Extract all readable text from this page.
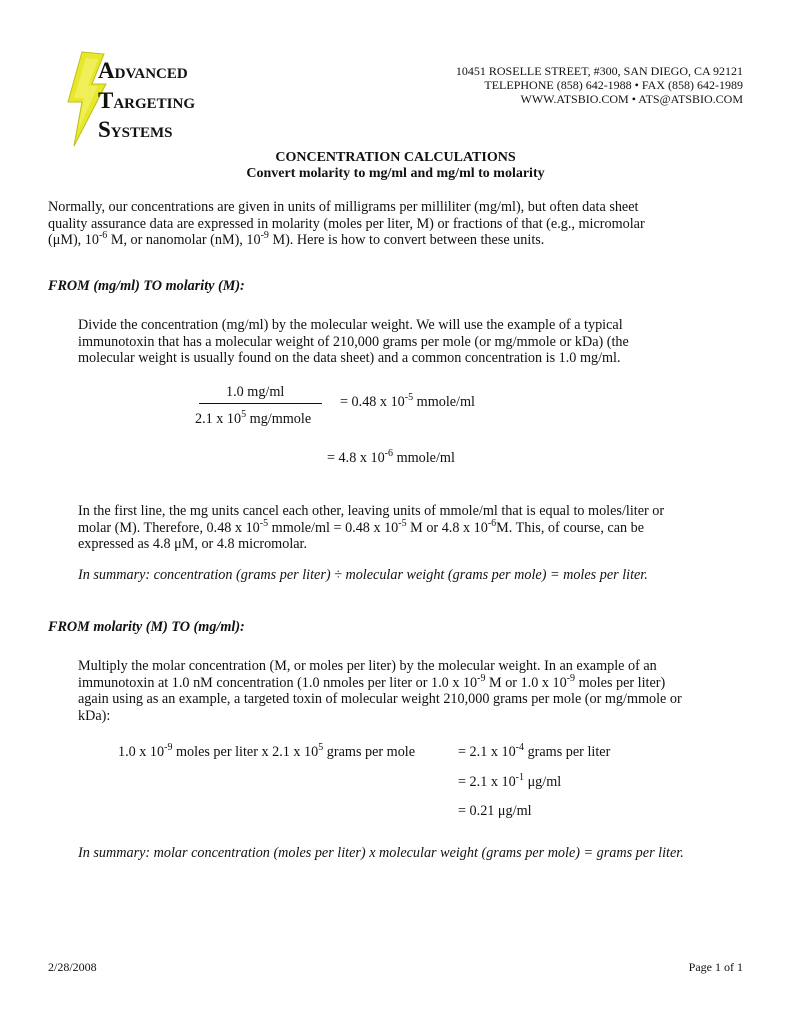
ADVANCED
TARGETING
SYSTEMS
10451 ROSELLE STREET, #300, SAN DIEGO, CA 92121
TELEPHONE (858) 642-1988 • FAX (858) 642-1989
WWW.ATSBIO.COM • ATS@ATSBIO.COM
CONCENTRATION CALCULATIONS
Convert molarity to mg/ml and mg/ml to molarity
Normally, our concentrations are given in units of milligrams per milliliter (mg/ml), but often data sheet
quality assurance data are expressed in molarity (moles per liter, M) or fractions of that (e.g., micromolar
(μM), $10^{-6}$ M, or nanomolar (nM), $10^{-9}$ M). Here is how to convert between these units.
FROM (mg/ml) TO molarity (M):
Divide the concentration (mg/ml) by the molecular weight. We will use the example of a typical
immunotoxin that has a molecular weight of 210,000 grams per mole (or mg/mmole or kDa) (the
molecular weight is usually found on the data sheet) and a common concentration is 1.0 mg/ml.
1.0 mg/ml
2.1 x $10^5$ mg/mmole
= 0.48 x $10^{-5}$ mmole/ml
= 4.8 x $10^{-6}$ mmole/ml
In the first line, the mg units cancel each other, leaving units of mmole/ml that is equal to moles/liter or
molar (M). Therefore, 0.48 x $10^{-5}$ mmole/ml = 0.48 x $10^{-5}$ M or 4.8 x $10^{-6}M$. This, of course, can be
expressed as 4.8 μM, or 4.8 micromolar.
In summary: concentration (grams per liter) ÷ molecular weight (grams per mole) = moles per liter.
FROM molarity (M) TO (mg/ml):
Multiply the molar concentration (M, or moles per liter) by the molecular weight. In an example of an
immunotoxin at 1.0 nM concentration (1.0 nmoles per liter or 1.0 x $10^{-9}$ M or 1.0 x $10^{-9}$ moles per liter)
again using as an example, a targeted toxin of molecular weight 210,000 grams per mole (or mg/mmole or
kDa):
1.0 x $10^{-9}$ moles per liter x 2.1 x $10^5$ grams per mole	= 2.1 x $10^{-4}$ grams per liter
= 2.1 x $10^{-1}$ μg/ml
= 0.21 μg/ml
In summary: molar concentration (moles per liter) x molecular weight (grams per mole) = grams per liter.
2/28/2008	Page 1 of 1
